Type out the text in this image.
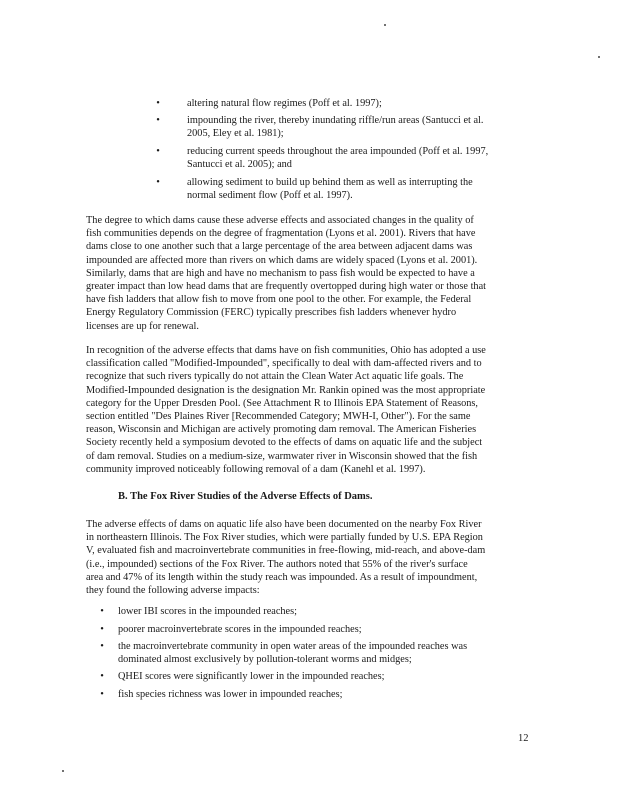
•	altering natural flow regimes (Poff et al. 1997);
•	impounding the river, thereby inundating riffle/run areas (Santucci et al.
2005, Eley et al. 1981);
•	reducing current speeds throughout the area impounded (Poff et al. 1997,
Santucci et al. 2005); and
•	allowing sediment to build up behind them as well as interrupting the
normal sediment flow (Poff et al. 1997).
The degree to which dams cause these adverse effects and associated changes in the quality of
fish communities depends on the degree of fragmentation (Lyons et al. 2001). Rivers that have
dams close to one another such that a large percentage of the area between adjacent dams was
impounded are affected more than rivers on which dams are widely spaced (Lyons et al. 2001).
Similarly, dams that are high and have no mechanism to pass fish would be expected to have a
greater impact than low head dams that are frequently overtopped during high water or those that
have fish ladders that allow fish to move from one pool to the other. For example, the Federal
Energy Regulatory Commission (FERC) typically prescribes fish ladders whenever hydro
licenses are up for renewal.
In recognition of the adverse effects that dams have on fish communities, Ohio has adopted a use
classification called "Modified-Impounded", specifically to deal with dam-affected rivers and to
recognize that such rivers typically do not attain the Clean Water Act aquatic life goals. The
Modified-Impounded designation is the designation Mr. Rankin opined was the most appropriate
category for the Upper Dresden Pool. (See Attachment R to Illinois EPA Statement of Reasons,
section entitled "Des Plaines River [Recommended Category; MWH-I, Other"). For the same
reason, Wisconsin and Michigan are actively promoting dam removal. The American Fisheries
Society recently held a symposium devoted to the effects of dams on aquatic life and the subject
of dam removal. Studies on a medium-size, warmwater river in Wisconsin showed that the fish
community improved noticeably following removal of a dam (Kanehl et al. 1997).
B. The Fox River Studies of the Adverse Effects of Dams.
The adverse effects of dams on aquatic life also have been documented on the nearby Fox River
in northeastern Illinois. The Fox River studies, which were partially funded by U.S. EPA Region
V, evaluated fish and macroinvertebrate communities in free-flowing, mid-reach, and above-dam
(i.e., impounded) sections of the Fox River. The authors noted that 55% of the river's surface
area and 47% of its length within the study reach was impounded. As a result of impoundment,
they found the following adverse impacts:
• lower IBI scores in the impounded reaches;
• poorer macroinvertebrate scores in the impounded reaches;
• the macroinvertebrate community in open water areas of the impounded reaches was
dominated almost exclusively by pollution-tolerant worms and midges;
• QHEI scores were significantly lower in the impounded reaches;
• fish species richness was lower in impounded reaches;
12
